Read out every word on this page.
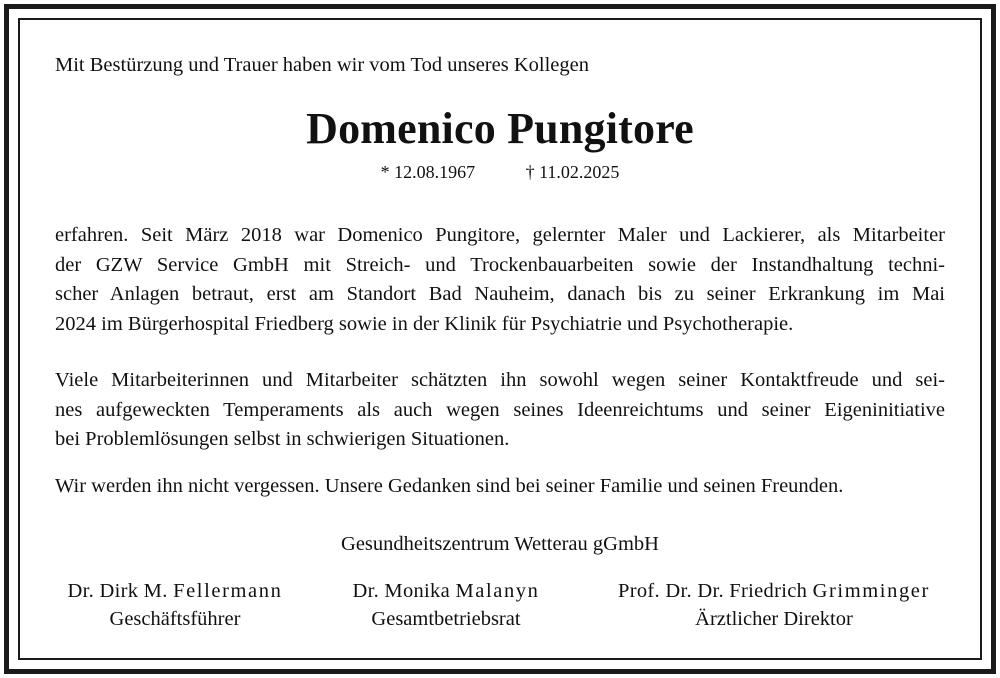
Mit Bestürzung und Trauer haben wir vom Tod unseres Kollegen
Domenico Pungitore
* 12.08.1967	† 11.02.2025
erfahren. Seit März 2018 war Domenico Pungitore, gelernter Maler und Lackierer, als Mitarbeiter
der GZW Service GmbH mit Streich- und Trockenbauarbeiten sowie der Instandhaltung techni-
scher Anlagen betraut, erst am Standort Bad Nauheim, danach bis zu seiner Erkrankung im Mai
2024 im Bürgerhospital Friedberg sowie in der Klinik für Psychiatrie und Psychotherapie.
Viele Mitarbeiterinnen und Mitarbeiter schätzten ihn sowohl wegen seiner Kontaktfreude und sei-
nes aufgeweckten Temperaments als auch wegen seines Ideenreichtums und seiner Eigeninitiative
bei Problemlösungen selbst in schwierigen Situationen.
Wir werden ihn nicht vergessen. Unsere Gedanken sind bei seiner Familie und seinen Freunden.
Gesundheitszentrum Wetterau gGmbH
Dr. Dirk M. Fellermann
Geschäftsführer
Dr. Monika Malanyn
Gesamtbetriebsrat
Prof. Dr. Dr. Friedrich Grimminger
Ärztlicher Direktor
